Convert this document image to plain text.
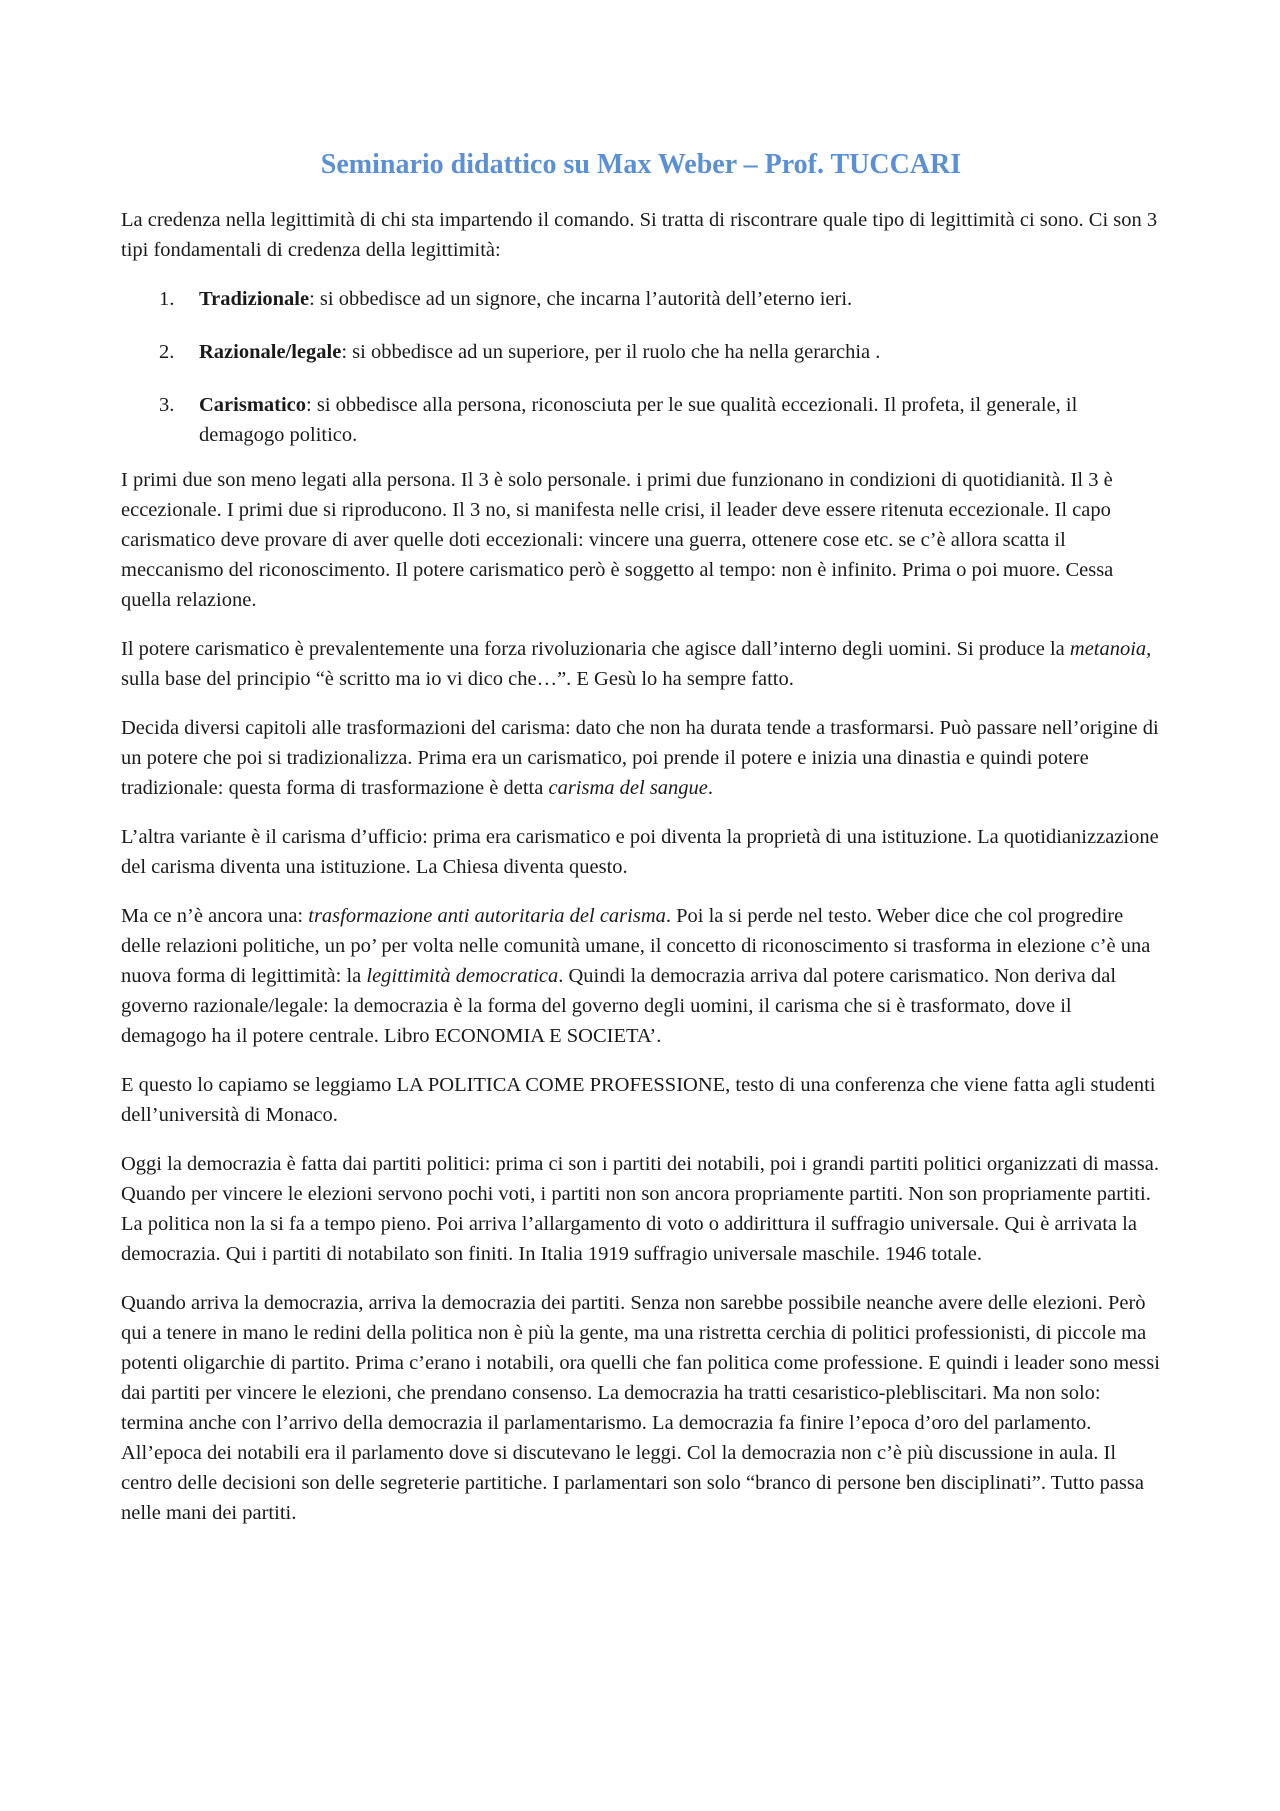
Seminario didattico su Max Weber – Prof. TUCCARI

La credenza nella legittimità di chi sta impartendo il comando. Si tratta di riscontrare quale tipo di legittimità ci sono. Ci son 3 tipi fondamentali di credenza della legittimità:

1. Tradizionale: si obbedisce ad un signore, che incarna l’autorità dell’eterno ieri.
2. Razionale/legale: si obbedisce ad un superiore, per il ruolo che ha nella gerarchia .
3. Carismatico: si obbedisce alla persona, riconosciuta per le sue qualità eccezionali. Il profeta, il generale, il demagogo politico.

I primi due son meno legati alla persona. Il 3 è solo personale. i primi due funzionano in condizioni di quotidianità. Il 3 è eccezionale. I primi due si riproducono. Il 3 no, si manifesta nelle crisi, il leader deve essere ritenuta eccezionale. Il capo carismatico deve provare di aver quelle doti eccezionali: vincere una guerra, ottenere cose etc. se c’è allora scatta il meccanismo del riconoscimento. Il potere carismatico però è soggetto al tempo: non è infinito. Prima o poi muore. Cessa quella relazione.

Il potere carismatico è prevalentemente una forza rivoluzionaria che agisce dall’interno degli uomini. Si produce la metanoia, sulla base del principio “è scritto ma io vi dico che…”. E Gesù lo ha sempre fatto.

Decida diversi capitoli alle trasformazioni del carisma: dato che non ha durata tende a trasformarsi. Può passare nell’origine di un potere che poi si tradizionalizza. Prima era un carismatico, poi prende il potere e inizia una dinastia e quindi potere tradizionale: questa forma di trasformazione è detta carisma del sangue.

L’altra variante è il carisma d’ufficio: prima era carismatico e poi diventa la proprietà di una istituzione. La quotidianizzazione del carisma diventa una istituzione. La Chiesa diventa questo.

Ma ce n’è ancora una: trasformazione anti autoritaria del carisma. Poi la si perde nel testo. Weber dice che col progredire delle relazioni politiche, un po’ per volta nelle comunità umane, il concetto di riconoscimento si trasforma in elezione c’è una nuova forma di legittimità: la legittimità democratica. Quindi la democrazia arriva dal potere carismatico. Non deriva dal governo razionale/legale: la democrazia è la forma del governo degli uomini, il carisma che si è trasformato, dove il demagogo ha il potere centrale. Libro ECONOMIA E SOCIETA’.

E questo lo capiamo se leggiamo LA POLITICA COME PROFESSIONE, testo di una conferenza che viene fatta agli studenti dell’università di Monaco.

Oggi la democrazia è fatta dai partiti politici: prima ci son i partiti dei notabili, poi i grandi partiti politici organizzati di massa. Quando per vincere le elezioni servono pochi voti, i partiti non son ancora propriamente partiti. Non son propriamente partiti. La politica non la si fa a tempo pieno. Poi arriva l’allargamento di voto o addirittura il suffragio universale. Qui è arrivata la democrazia. Qui i partiti di notabilato son finiti. In Italia 1919 suffragio universale maschile. 1946 totale.

Quando arriva la democrazia, arriva la democrazia dei partiti. Senza non sarebbe possibile neanche avere delle elezioni. Però qui a tenere in mano le redini della politica non è più la gente, ma una ristretta cerchia di politici professionisti, di piccole ma potenti oligarchie di partito. Prima c’erano i notabili, ora quelli che fan politica come professione. E quindi i leader sono messi dai partiti per vincere le elezioni, che prendano consenso. La democrazia ha tratti cesaristico-plebliscitari. Ma non solo: termina anche con l’arrivo della democrazia il parlamentarismo. La democrazia fa finire l’epoca d’oro del parlamento. All’epoca dei notabili era il parlamento dove si discutevano le leggi. Col la democrazia non c’è più discussione in aula. Il centro delle decisioni son delle segreterie partitiche. I parlamentari son solo “branco di persone ben disciplinati”. Tutto passa nelle mani dei partiti.
